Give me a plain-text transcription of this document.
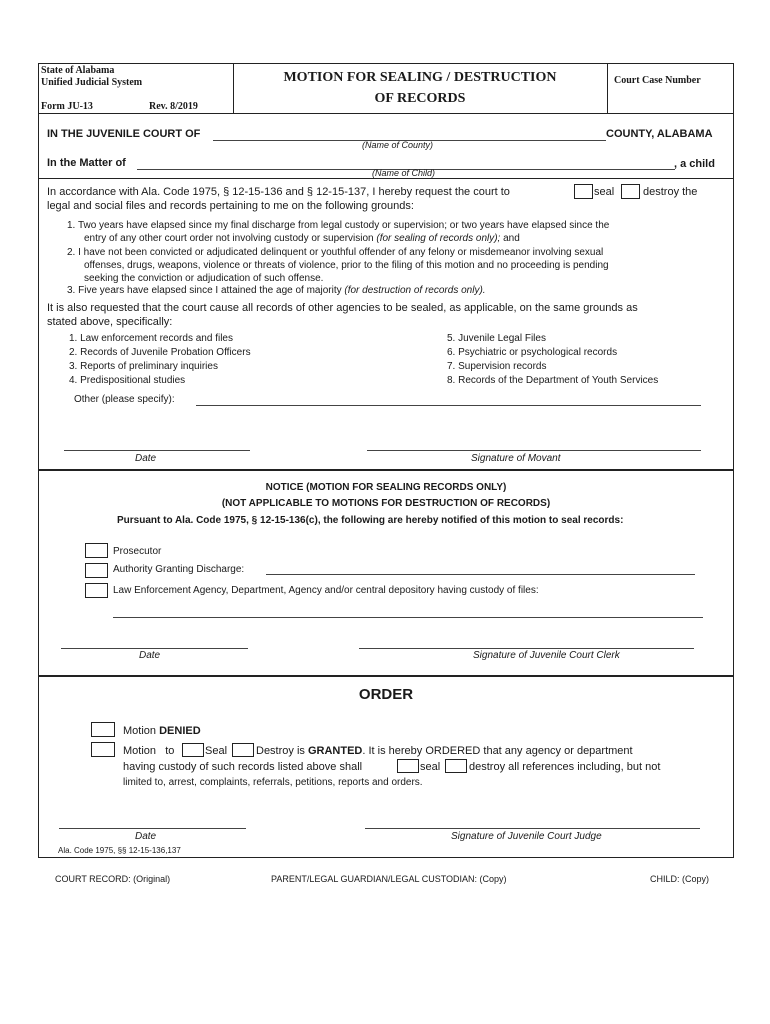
State of Alabama
Unified Judicial System
Form JU-13	Rev. 8/2019
MOTION FOR SEALING / DESTRUCTION
OF RECORDS
Court Case Number
IN THE JUVENILE COURT OF	COUNTY, ALABAMA
(Name of County)
In the Matter of	, a child
(Name of Child)
In accordance with Ala. Code 1975, § 12-15-136 and § 12-15-137, I hereby request the court to	seal	destroy the
legal and social files and records pertaining to me on the following grounds:
1. Two years have elapsed since my final discharge from legal custody or supervision; or two years have elapsed since the
entry of any other court order not involving custody or supervision (for sealing of records only); and
2. I have not been convicted or adjudicated delinquent or youthful offender of any felony or misdemeanor involving sexual
offenses, drugs, weapons, violence or threats of violence, prior to the filing of this motion and no proceeding is pending
seeking the conviction or adjudication of such offense.
3. Five years have elapsed since I attained the age of majority (for destruction of records only).
It is also requested that the court cause all records of other agencies to be sealed, as applicable, on the same grounds as
stated above, specifically:
1. Law enforcement records and files
2. Records of Juvenile Probation Officers
3. Reports of preliminary inquiries
4. Predispositional studies
5. Juvenile Legal Files
6. Psychiatric or psychological records
7. Supervision records
8. Records of the Department of Youth Services
Other (please specify):
Date	Signature of Movant
NOTICE (MOTION FOR SEALING RECORDS ONLY)
(NOT APPLICABLE TO MOTIONS FOR DESTRUCTION OF RECORDS)
Pursuant to Ala. Code 1975, § 12-15-136(c), the following are hereby notified of this motion to seal records:
Prosecutor
Authority Granting Discharge:
Law Enforcement Agency, Department, Agency and/or central depository having custody of files:
Date	Signature of Juvenile Court Clerk
ORDER
Motion DENIED
Motion to	Seal	Destroy is GRANTED. It is hereby ORDERED that any agency or department
having custody of such records listed above shall	seal	destroy all references including, but not
limited to, arrest, complaints, referrals, petitions, reports and orders.
Date	Signature of Juvenile Court Judge
Ala. Code 1975, §§ 12-15-136,137
COURT RECORD: (Original)	PARENT/LEGAL GUARDIAN/LEGAL CUSTODIAN: (Copy)	CHILD: (Copy)
